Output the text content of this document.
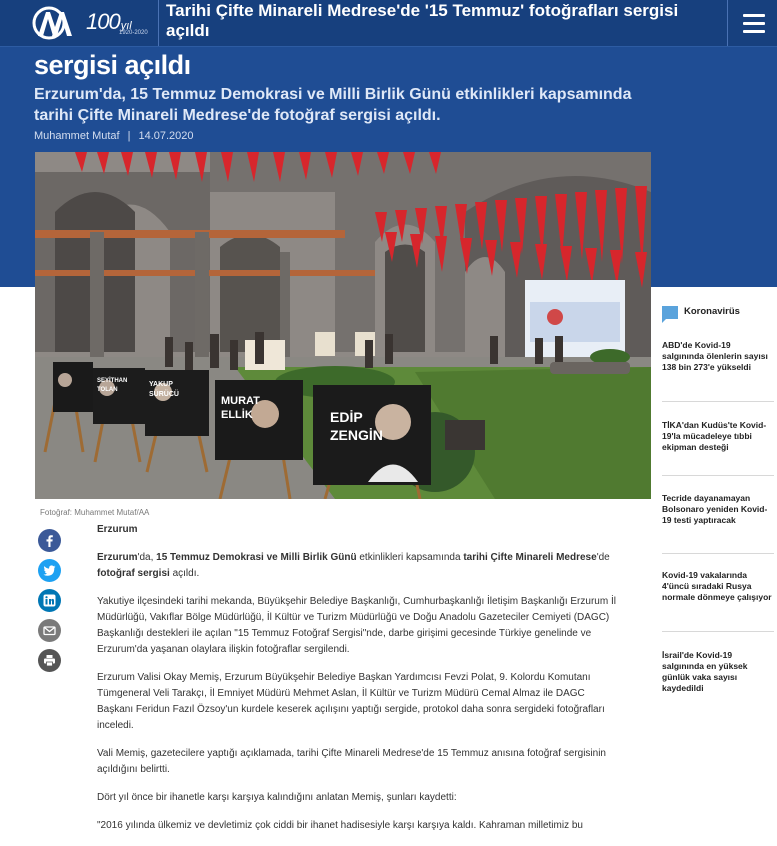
100yıl
1920-2020
Tarihi Çifte Minareli Medrese'de '15 Temmuz' fotoğrafları sergisi açıldı
sergisi açıldı
Erzurum'da, 15 Temmuz Demokrasi ve Milli Birlik Günü etkinlikleri kapsamında tarihi Çifte Minareli Medrese'de fotoğraf sergisi açıldı.
Muhammet Mutaf | 14.07.2020
EDİP
ZENGİN
MURAT
ELLİK
YAKUP
SÜRÜCÜ
SEYİTHAN
TOLAN
Fotoğraf: Muhammet Mutaf/AA
Erzurum

Erzurum'da, 15 Temmuz Demokrasi ve Milli Birlik Günü etkinlikleri kapsamında tarihi Çifte Minareli Medrese'de fotoğraf sergisi açıldı.

Yakutiye ilçesindeki tarihi mekanda, Büyükşehir Belediye Başkanlığı, Cumhurbaşkanlığı İletişim Başkanlığı Erzurum İl Müdürlüğü, Vakıflar Bölge Müdürlüğü, İl Kültür ve Turizm Müdürlüğü ve Doğu Anadolu Gazeteciler Cemiyeti (DAGC) Başkanlığı destekleri ile açılan "15 Temmuz Fotoğraf Sergisi"nde, darbe girişimi gecesinde Türkiye genelinde ve Erzurum'da yaşanan olaylara ilişkin fotoğraflar sergilendi.

Erzurum Valisi Okay Memiş, Erzurum Büyükşehir Belediye Başkan Yardımcısı Fevzi Polat, 9. Kolordu Komutanı Tümgeneral Veli Tarakçı, İl Emniyet Müdürü Mehmet Aslan, İl Kültür ve Turizm Müdürü Cemal Almaz ile DAGC Başkanı Feridun Fazıl Özsoy'un kurdele keserek açılışını yaptığı sergide, protokol daha sonra sergideki fotoğrafları inceledi.

Vali Memiş, gazetecilere yaptığı açıklamada, tarihi Çifte Minareli Medrese'de 15 Temmuz anısına fotoğraf sergisinin açıldığını belirtti.

Dört yıl önce bir ihanetle karşı karşıya kalındığını anlatan Memiş, şunları kaydetti:

"2016 yılında ülkemiz ve devletimiz çok ciddi bir ihanet hadisesiyle karşı karşıya kaldı. Kahraman milletimiz bu

Koronavirüs
ABD'de Kovid-19 salgınında ölenlerin sayısı 138 bin 273'e yükseldi
TİKA'dan Kudüs'te Kovid-19'la mücadeleye tıbbi ekipman desteği
Tecride dayanamayan Bolsonaro yeniden Kovid-19 testi yaptıracak
Kovid-19 vakalarında 4'üncü sıradaki Rusya normale dönmeye çalışıyor
İsrail'de Kovid-19 salgınında en yüksek günlük vaka sayısı kaydedildi
